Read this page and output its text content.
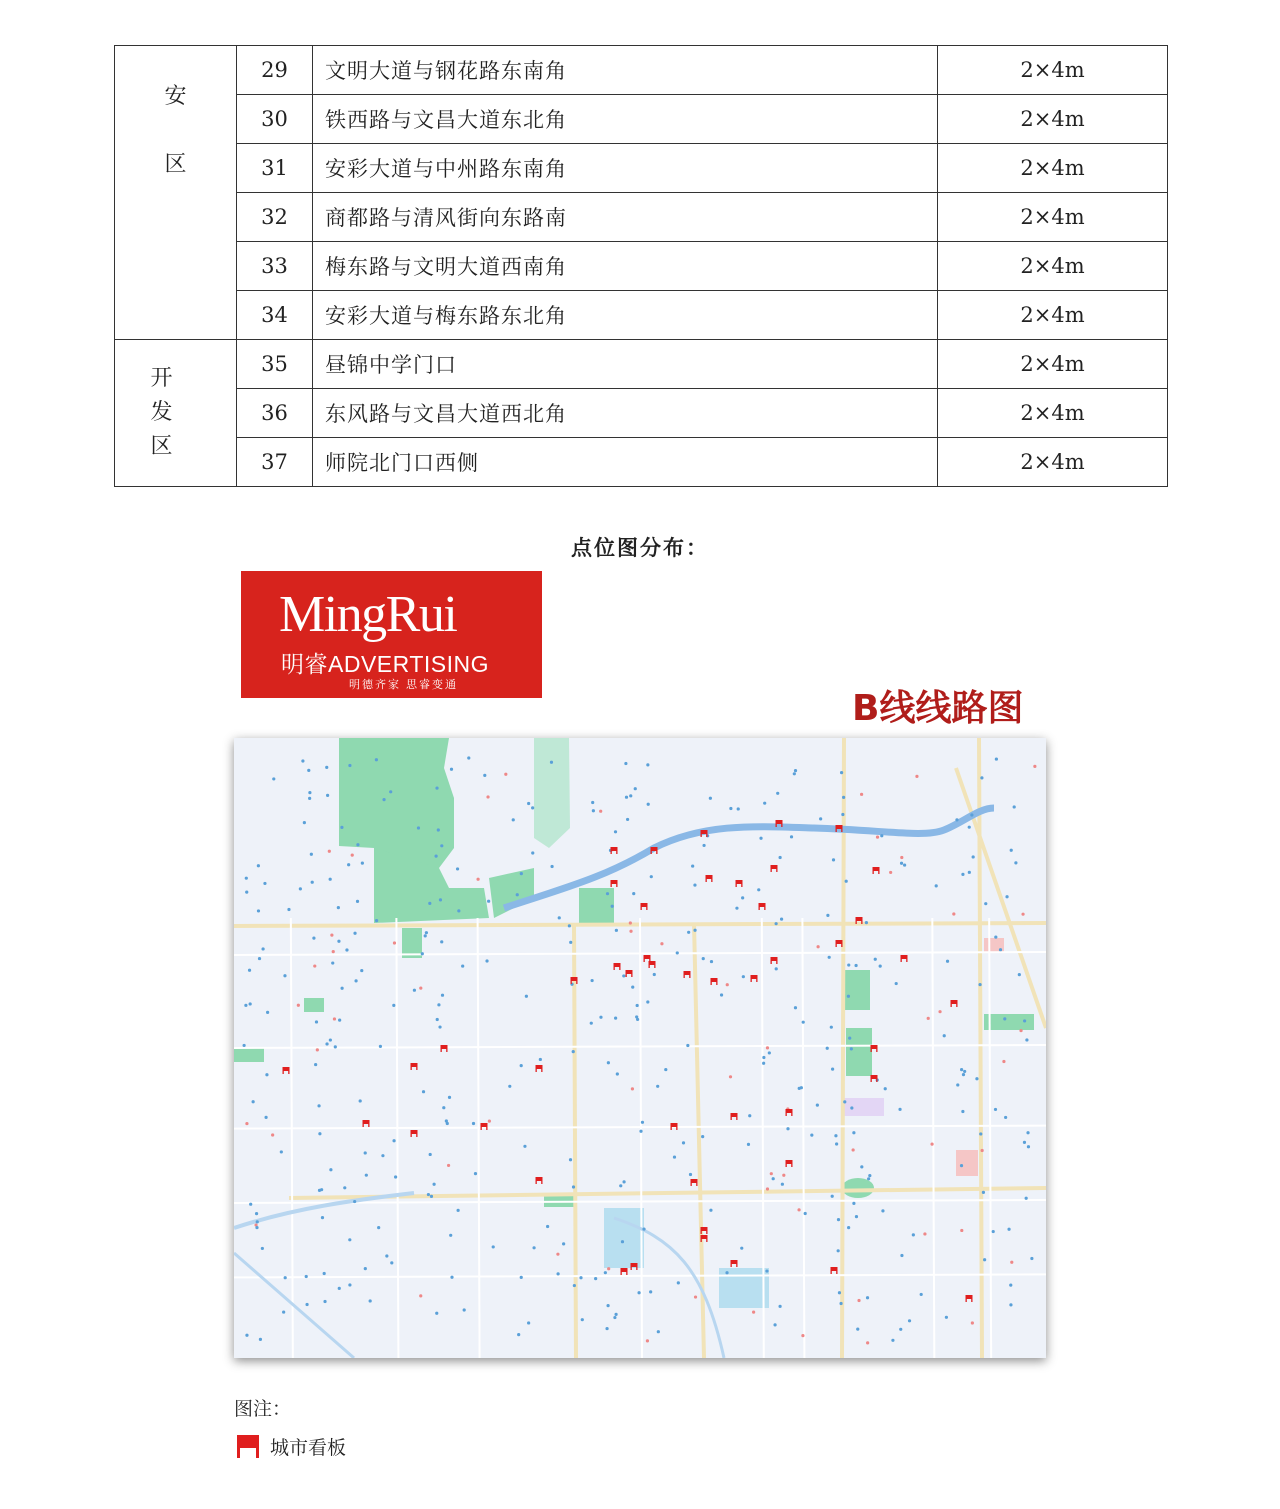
安

区	29	文明大道与钢花路东南角	2×4m
	30	铁西路与文昌大道东北角	2×4m
	31	安彩大道与中州路东南角	2×4m
	32	商都路与清风街向东路南	2×4m
	33	梅东路与文明大道西南角	2×4m
	34	安彩大道与梅东路东北角	2×4m
开
发
区	35	昼锦中学门口	2×4m
	36	东风路与文昌大道西北角	2×4m
	37	师院北门口西侧	2×4m
点位图分布：
MingRui
明睿ADVERTISING
明德齐家 思睿变通
B线线路图
图注：
城市看板
